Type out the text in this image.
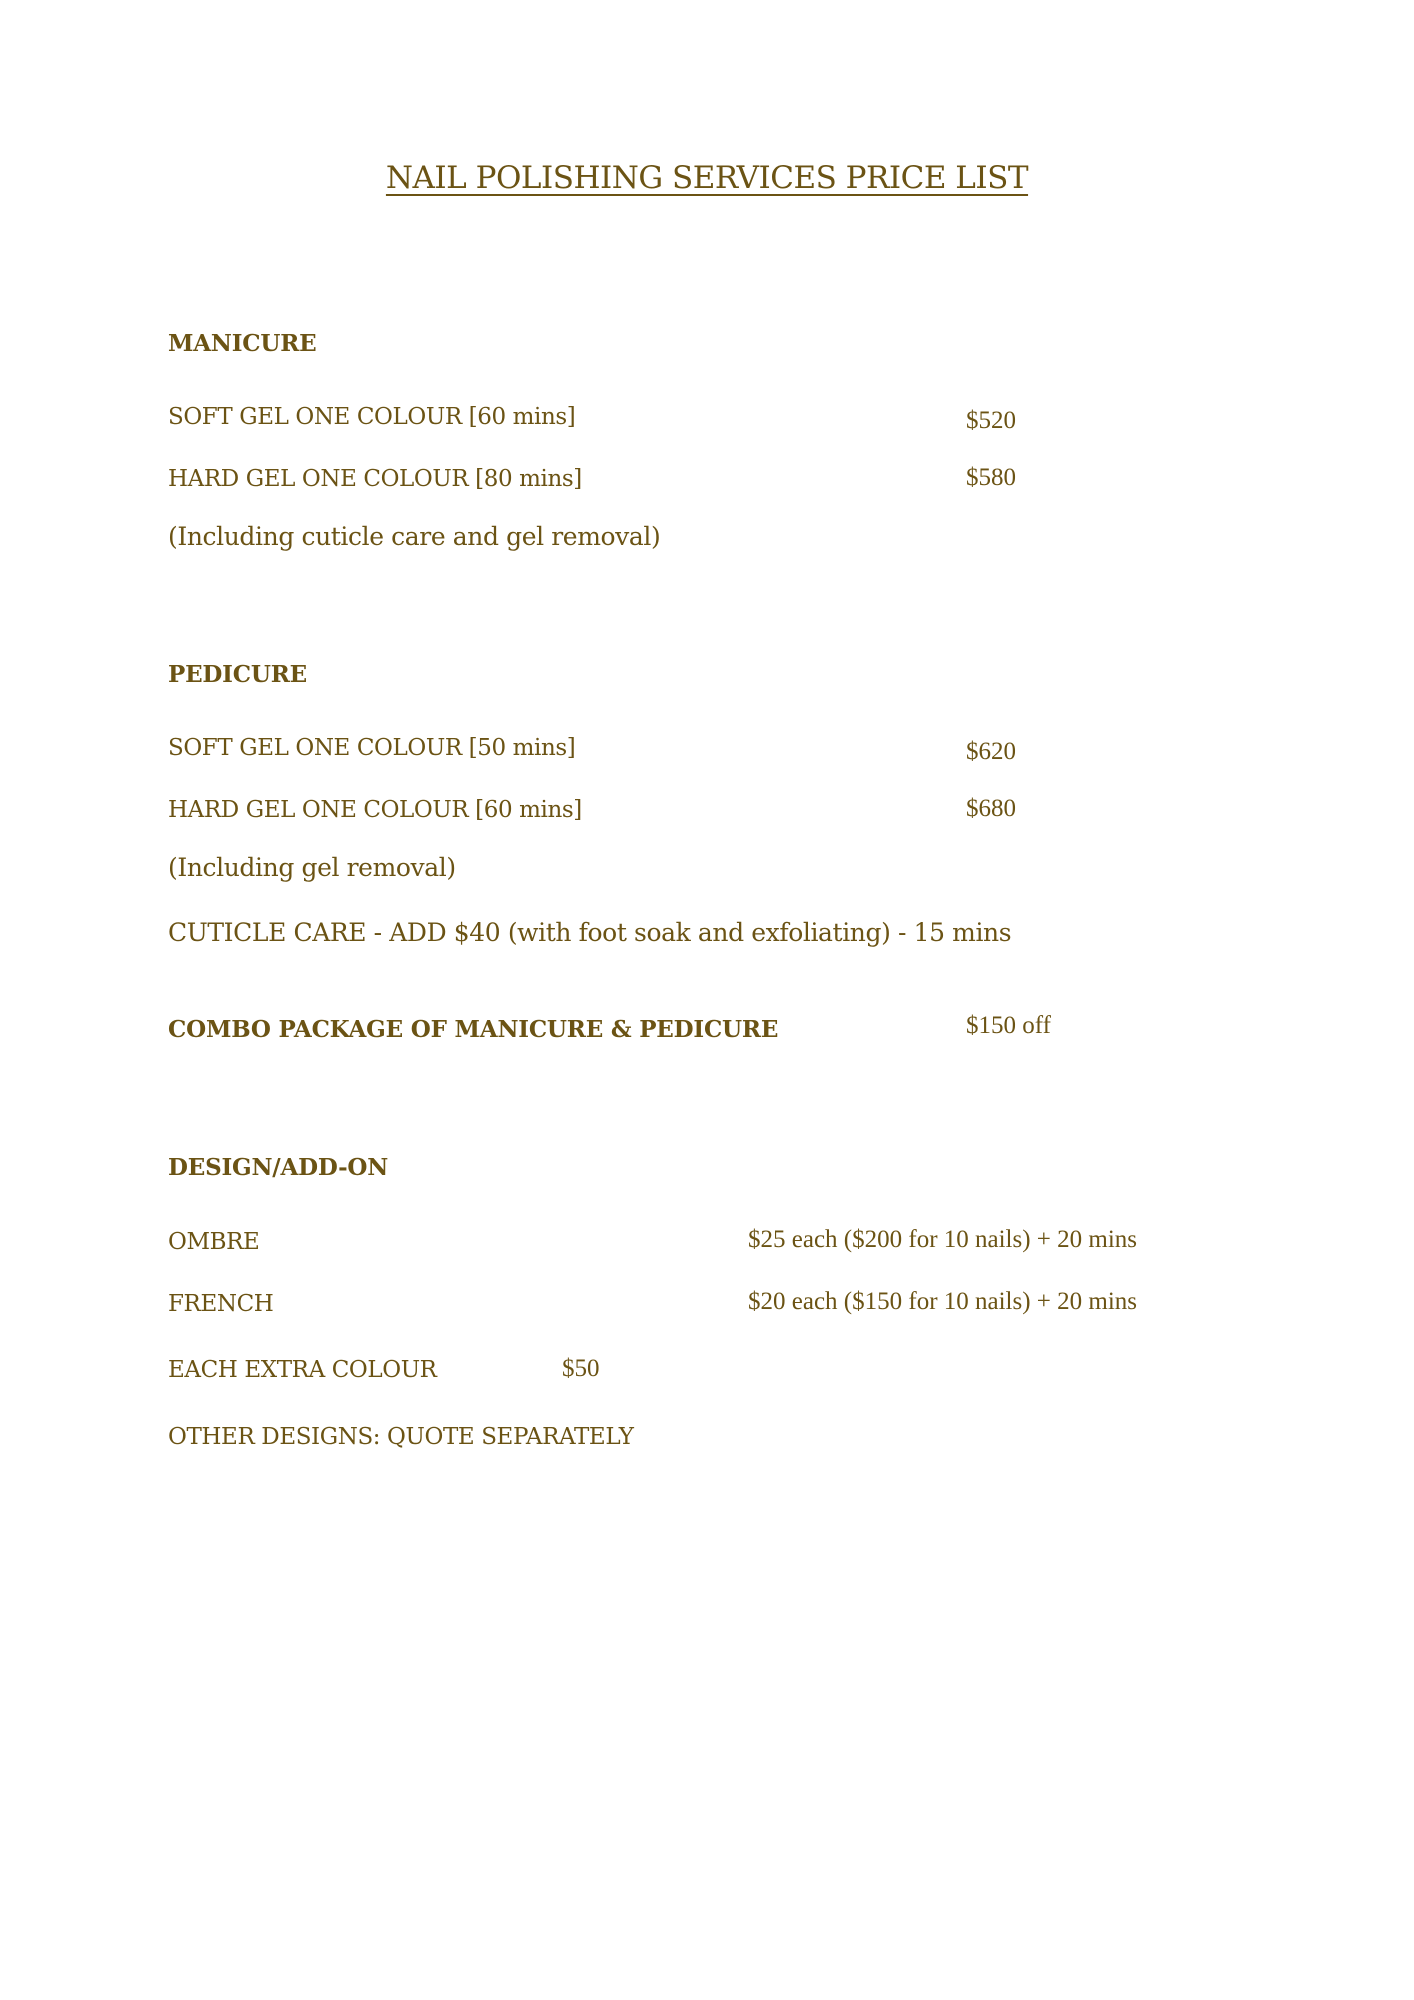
NAIL POLISHING SERVICES PRICE LIST
MANICURE
SOFT GEL ONE COLOUR [60 mins]	$520
HARD GEL ONE COLOUR [80 mins]	$580
(Including cuticle care and gel removal)
PEDICURE
SOFT GEL ONE COLOUR [50 mins]	$620
HARD GEL ONE COLOUR [60 mins]	$680
(Including gel removal)
CUTICLE CARE - ADD $40 (with foot soak and exfoliating) - 15 mins
COMBO PACKAGE OF MANICURE & PEDICURE	$150 off
DESIGN/ADD-ON
OMBRE	$25 each ($200 for 10 nails) + 20 mins
FRENCH	$20 each ($150 for 10 nails) + 20 mins
EACH EXTRA COLOUR	$50
OTHER DESIGNS: QUOTE SEPARATELY
